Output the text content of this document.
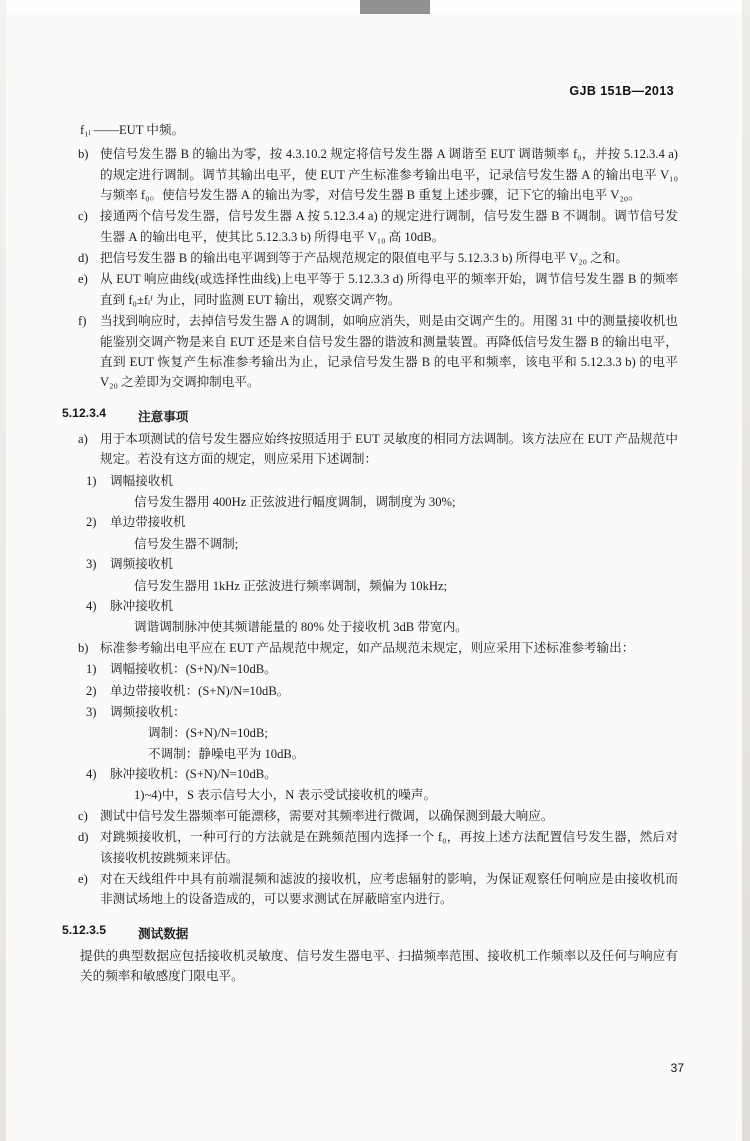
GJB 151B—2013
f₁ᵢ ——EUT 中频。
b) 使信号发生器 B 的输出为零，按 4.3.10.2 规定将信号发生器 A 调谐至 EUT 调谐频率 f₀，并按 5.12.3.4 a) 的规定进行调制。调节其输出电平，使 EUT 产生标准参考输出电平，记录信号发生器 A 的输出电平 V₁₀ 与频率 f₀。使信号发生器 A 的输出为零，对信号发生器 B 重复上述步骤，记下它的输出电平 V₂₀。
c) 接通两个信号发生器，信号发生器 A 按 5.12.3.4 a) 的规定进行调制，信号发生器 B 不调制。调节信号发生器 A 的输出电平，使其比 5.12.3.3 b) 所得电平 V₁₀ 高 10dB。
d) 把信号发生器 B 的输出电平调到等于产品规范规定的限值电平与 5.12.3.3 b) 所得电平 V₂₀ 之和。
e) 从 EUT 响应曲线(或选择性曲线)上电平等于 5.12.3.3 d) 所得电平的频率开始，调节信号发生器 B 的频率直到 f₀±fᵢᶠ 为止，同时监测 EUT 输出，观察交调产物。
f)	当找到响应时，去掉信号发生器 A 的调制，如响应消失，则是由交调产生的。用图 31 中的测量接收机也能鉴别交调产物是来自 EUT 还是来自信号发生器的谐波和测量装置。再降低信号发生器 B 的输出电平，直到 EUT 恢复产生标准参考输出为止，记录信号发生器 B 的电平和频率，该电平和 5.12.3.3 b) 的电平 V₂₀ 之差即为交调抑制电平。
5.12.3.4	注意事项
a) 用于本项测试的信号发生器应始终按照适用于 EUT 灵敏度的相同方法调制。该方法应在 EUT 产品规范中规定。若没有这方面的规定，则应采用下述调制：
1)	调幅接收机
信号发生器用 400Hz 正弦波进行幅度调制，调制度为 30%;
2)	单边带接收机
信号发生器不调制;
3)	调频接收机
信号发生器用 1kHz 正弦波进行频率调制，频偏为 10kHz;
4)	脉冲接收机
调谐调制脉冲使其频谱能量的 80% 处于接收机 3dB 带宽内。
b) 标准参考输出电平应在 EUT 产品规范中规定，如产品规范未规定，则应采用下述标准参考输出：
1)	调幅接收机：(S+N)/N=10dB。
2)	单边带接收机：(S+N)/N=10dB。
3)	调频接收机：
调制：(S+N)/N=10dB;
不调制：静噪电平为 10dB。
4)	脉冲接收机：(S+N)/N=10dB。
1)~4)中，S 表示信号大小，N 表示受试接收机的噪声。
c) 测试中信号发生器频率可能漂移，需要对其频率进行微调，以确保测到最大响应。
d) 对跳频接收机，一种可行的方法就是在跳频范围内选择一个 f₀，再按上述方法配置信号发生器，然后对该接收机按跳频来评估。
e) 对在天线组件中具有前端混频和滤波的接收机，应考虑辐射的影响，为保证观察任何响应是由接收机而非测试场地上的设备造成的，可以要求测试在屏蔽暗室内进行。
5.12.3.5	测试数据
提供的典型数据应包括接收机灵敏度、信号发生器电平、扫描频率范围、接收机工作频率以及任何与响应有关的频率和敏感度门限电平。
37
